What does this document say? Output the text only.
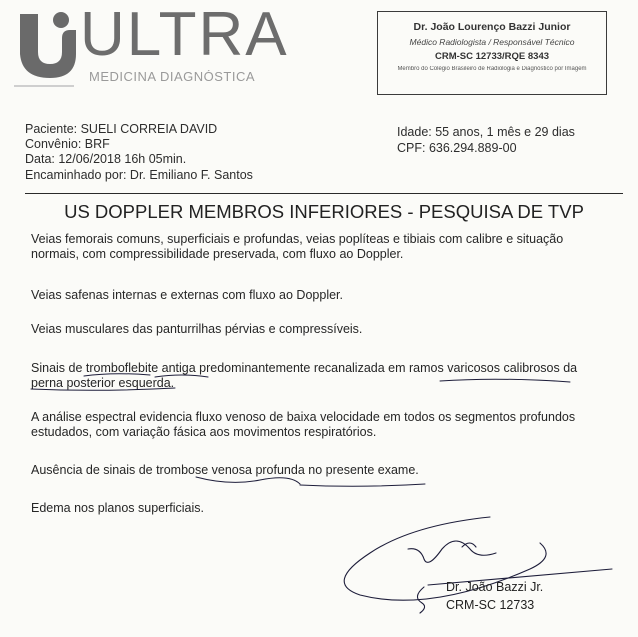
ULTRA
MEDICINA DIAGNÓSTICA
Dr. João Lourenço Bazzi Junior
Médico Radiologista / Responsável Técnico
CRM-SC 12733/RQE 8343
Membro do Colégio Brasileiro de Radiologia e Diagnóstico por Imagem
Paciente: SUELI CORREIA DAVID
Convênio: BRF
Data: 12/06/2018 16h 05min.
Encaminhado por: Dr. Emiliano F. Santos
Idade: 55 anos, 1 mês e 29 dias
CPF: 636.294.889-00
US DOPPLER MEMBROS INFERIORES - PESQUISA DE TVP
Veias femorais comuns, superficiais e profundas, veias poplíteas e tibiais com calibre e situação normais, com compressibilidade preservada, com fluxo ao Doppler.
Veias safenas internas e externas com fluxo ao Doppler.
Veias musculares das panturrilhas pérvias e compressíveis.
Sinais de tromboflebite antiga predominantemente recanalizada em ramos varicosos calibrosos da perna posterior esquerda.
A análise espectral evidencia fluxo venoso de baixa velocidade em todos os segmentos profundos estudados, com variação fásica aos movimentos respiratórios.
Ausência de sinais de trombose venosa profunda no presente exame.
Edema nos planos superficiais.
Dr. João Bazzi Jr.
CRM-SC 12733
